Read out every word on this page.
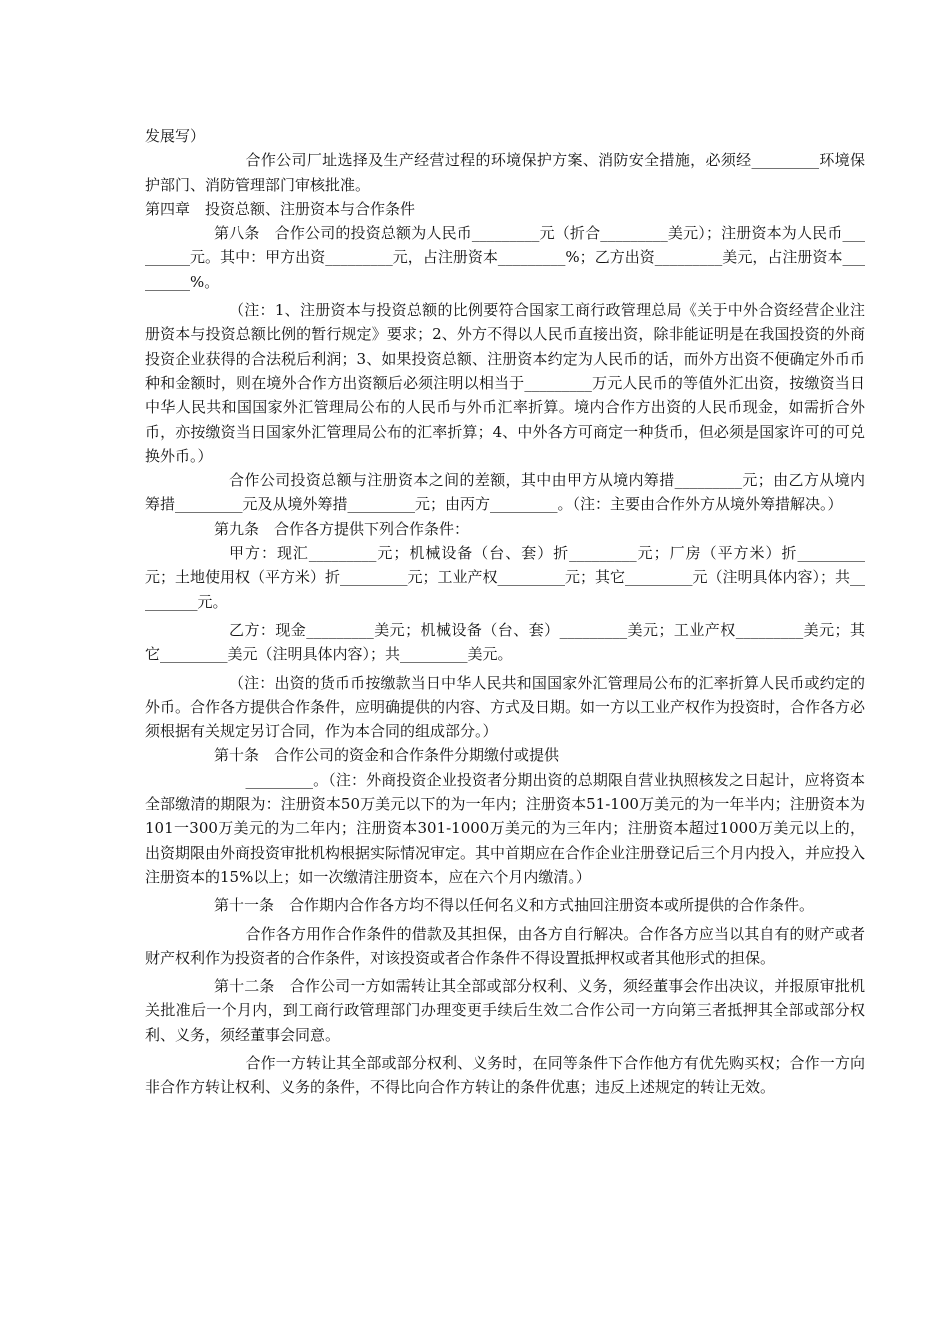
发展写）

合作公司厂址选择及生产经营过程的环境保护方案、消防安全措施，必须经_________环境保护部门、消防管理部门审核批准。

第四章　投资总额、注册资本与合作条件

第八条　合作公司的投资总额为人民币_________元（折合_________美元）；注册资本为人民币_________元。其中：甲方出资_________元，占注册资本_________%；乙方出资_________美元，占注册资本_________%。

（注：1、注册资本与投资总额的比例要符合国家工商行政管理总局《关于中外合资经营企业注册资本与投资总额比例的暂行规定》要求；2、外方不得以人民币直接出资，除非能证明是在我国投资的外商投资企业获得的合法税后利润；3、如果投资总额、注册资本约定为人民币的话，而外方出资不便确定外币币种和金额时，则在境外合作方出资额后必须注明以相当于_________万元人民币的等值外汇出资，按缴资当日中华人民共和国国家外汇管理局公布的人民币与外币汇率折算。境内合作方出资的人民币现金，如需折合外币，亦按缴资当日国家外汇管理局公布的汇率折算；4、中外各方可商定一种货币，但必须是国家许可的可兑换外币。）

合作公司投资总额与注册资本之间的差额，其中由甲方从境内筹措_________元；由乙方从境内筹措_________元及从境外筹措_________元；由丙方_________。（注：主要由合作外方从境外筹措解决。）

第九条　合作各方提供下列合作条件：

甲方：现汇_________元；机械设备（台、套）折_________元；厂房（平方米）折_________元；土地使用权（平方米）折_________元；工业产权_________元；其它_________元（注明具体内容）；共_________元。

乙方：现金_________美元；机械设备（台、套）_________美元；工业产权_________美元；其它_________美元（注明具体内容）；共_________美元。

（注：出资的货币币按缴款当日中华人民共和国国家外汇管理局公布的汇率折算人民币或约定的外币。合作各方提供合作条件，应明确提供的内容、方式及日期。如一方以工业产权作为投资时，合作各方必须根据有关规定另订合同，作为本合同的组成部分。）

第十条　合作公司的资金和合作条件分期缴付或提供

_________。（注：外商投资企业投资者分期出资的总期限自营业执照核发之日起计，应将资本全部缴清的期限为：注册资本50万美元以下的为一年内；注册资本51-100万美元的为一年半内；注册资本为101一300万美元的为二年内；注册资本301-1000万美元的为三年内；注册资本超过1000万美元以上的，出资期限由外商投资审批机构根据实际情况审定。其中首期应在合作企业注册登记后三个月内投入，并应投入注册资本的15%以上；如一次缴清注册资本，应在六个月内缴清。）

第十一条　合作期内合作各方均不得以任何名义和方式抽回注册资本或所提供的合作条件。

合作各方用作合作条件的借款及其担保，由各方自行解决。合作各方应当以其自有的财产或者财产权利作为投资者的合作条件，对该投资或者合作条件不得设置抵押权或者其他形式的担保。

第十二条　合作公司一方如需转让其全部或部分权利、义务，须经董事会作出决议，并报原审批机关批准后一个月内，到工商行政管理部门办理变更手续后生效二合作公司一方向第三者抵押其全部或部分权利、义务，须经董事会同意。

合作一方转让其全部或部分权利、义务时，在同等条件下合作他方有优先购买权；合作一方向非合作方转让权利、义务的条件，不得比向合作方转让的条件优惠；违反上述规定的转让无效。
